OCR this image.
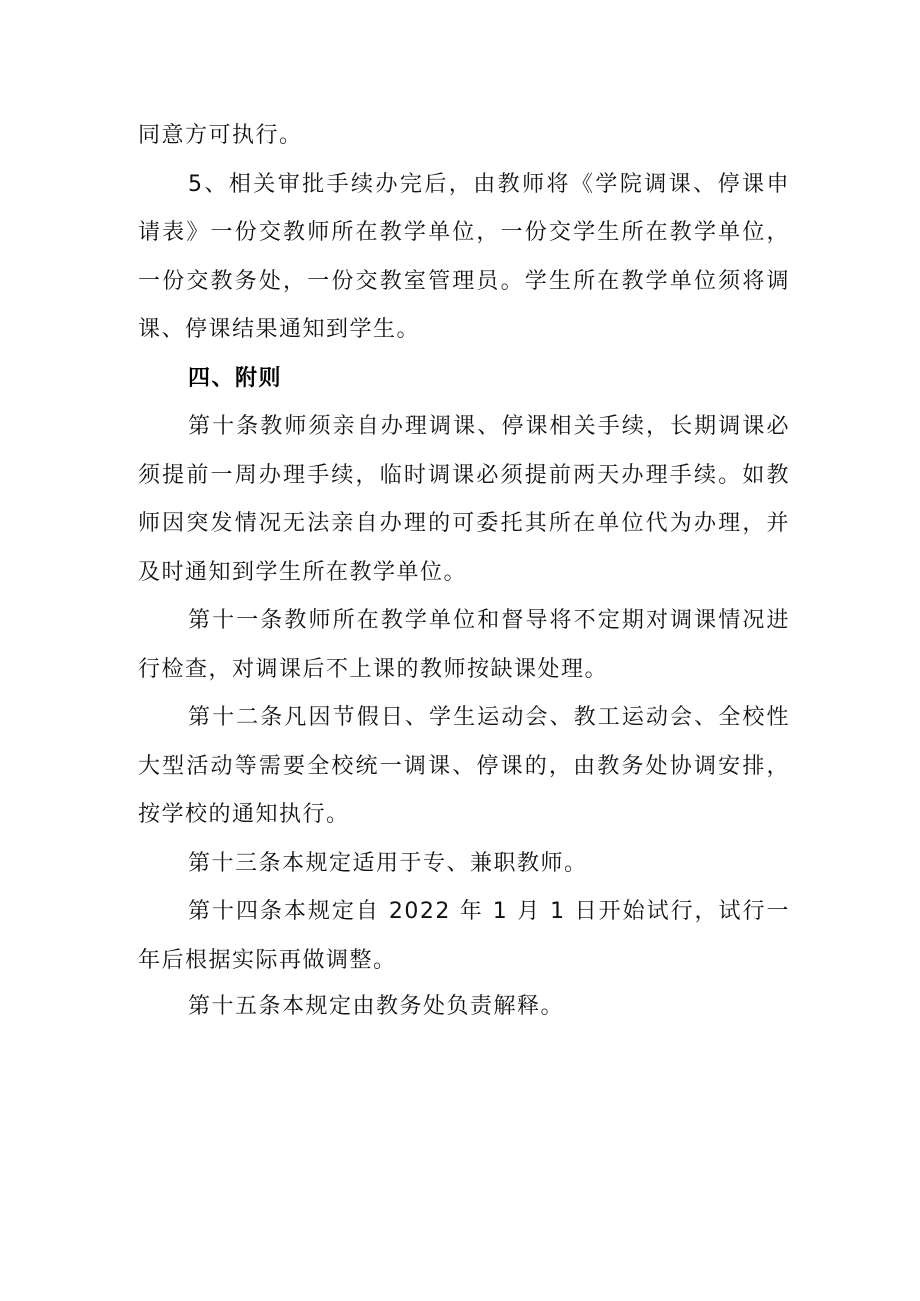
同意方可执行。

5、相关审批手续办完后，由教师将《学院调课、停课申请表》一份交教师所在教学单位，一份交学生所在教学单位，一份交教务处，一份交教室管理员。学生所在教学单位须将调课、停课结果通知到学生。

四、附则

第十条教师须亲自办理调课、停课相关手续，长期调课必须提前一周办理手续，临时调课必须提前两天办理手续。如教师因突发情况无法亲自办理的可委托其所在单位代为办理，并及时通知到学生所在教学单位。

第十一条教师所在教学单位和督导将不定期对调课情况进行检查，对调课后不上课的教师按缺课处理。

第十二条凡因节假日、学生运动会、教工运动会、全校性大型活动等需要全校统一调课、停课的，由教务处协调安排，按学校的通知执行。

第十三条本规定适用于专、兼职教师。

第十四条本规定自 2022 年 1 月 1 日开始试行，试行一年后根据实际再做调整。

第十五条本规定由教务处负责解释。
